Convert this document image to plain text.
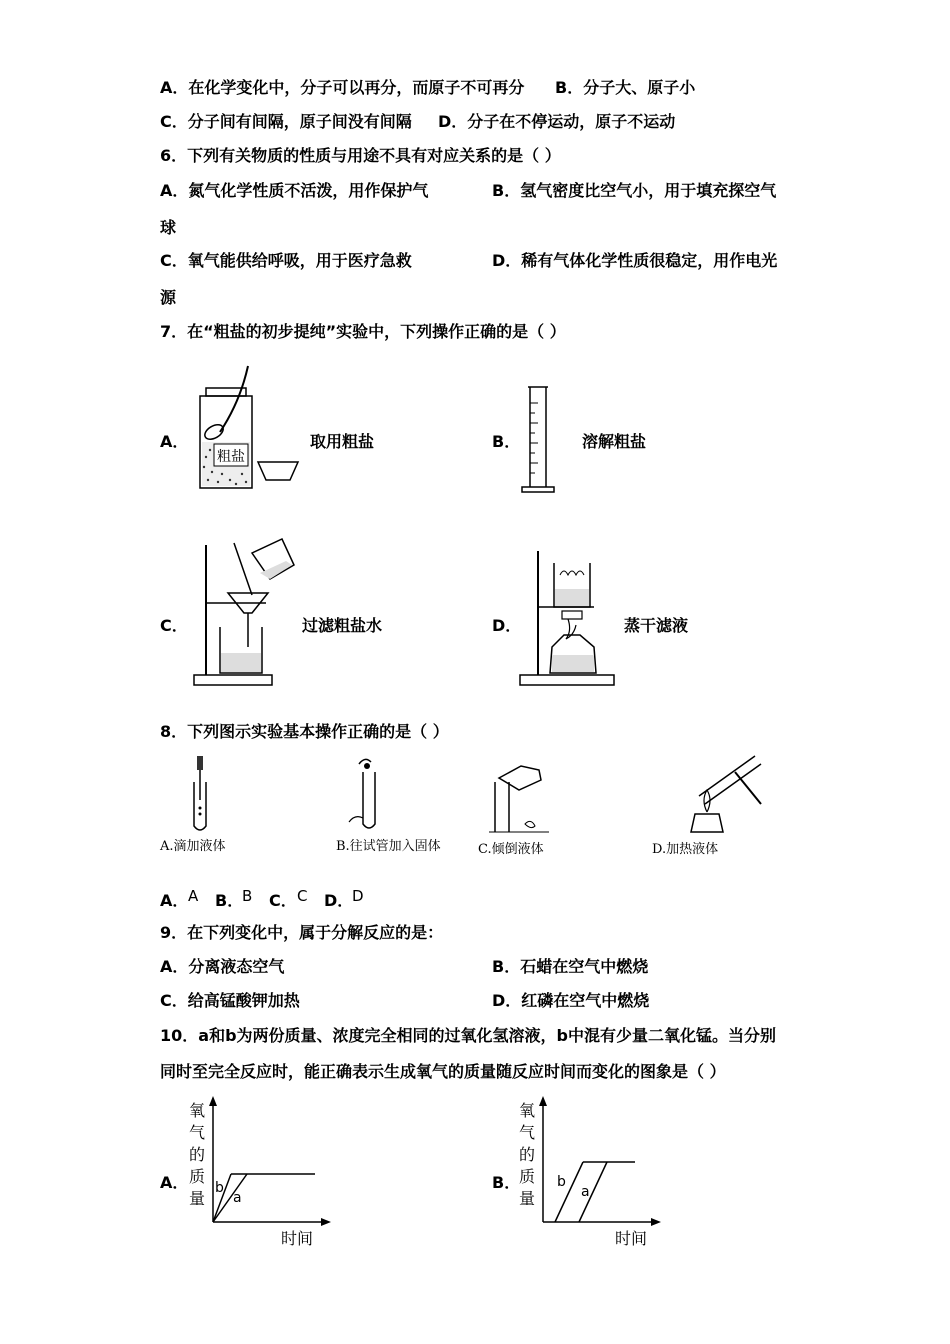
A．在化学变化中，分子可以再分，而原子不可再分 B．分子大、原子小
C．分子间有间隔，原子间没有间隔 D．分子在不停运动，原子不运动
6．下列有关物质的性质与用途不具有对应关系的是（ ）
A．氮气化学性质不活泼，用作保护气	B．氢气密度比空气小，用于填充探空气
球
C．氧气能供给呼吸，用于医疗急救	D．稀有气体化学性质很稳定，用作电光
源
7．在“粗盐的初步提纯”实验中，下列操作正确的是（ ）
A．
粗盐
取用粗盐	B．	溶解粗盐
C．	过滤粗盐水	D．	蒸干滤液
8．下列图示实验基本操作正确的是（ ）
A.滴加液体	B.往试管加入固体	C.倾倒液体	D.加热液体
A． A B．
B C． C D．
D
9．在下列变化中，属于分解反应的是：
A．分离液态空气	B．石蜡在空气中燃烧
C．给高锰酸钾加热	D．红磷在空气中燃烧
10．a和b为两份质量、浓度完全相同的过氧化氢溶液，b中混有少量二氧化锰。当分别
同时至完全反应时，能正确表示生成氧气的质量随反应时间而变化的图象是（ ）
A．
氧
气
的
质
量
b
a
时间
B．
氧
气
的
质
量
b
a
时间
